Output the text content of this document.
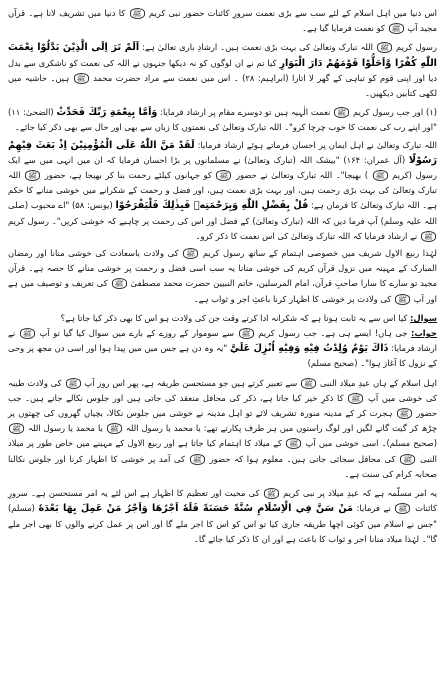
اس دنیا میں اہل اسلام کے لئے سب سے بڑی نعمت سرورِ کائنات حضور نبی کریم ﷺ کا دنیا میں تشریف لانا ہے۔ قرآن مجید آپ ﷺ کو نعمت فرمایا گیا ہے۔

رسول کریم ﷺ اللہ تبارک وتعالیٰ کی بہت بڑی نعمت ہیں۔ ارشادِ باری تعالیٰ ہے: اَلَمْ تَرَ اِلَى الَّذِيْنَ بَدَّلُوْا نِعْمَتَ اللّٰهِ كُفْرًا وَّاَحَلُّوْا قَوْمَهُمْ دَارَ الْبَوَارِ کیا تم نے ان لوگوں کو نہ دیکھا جنہوں نے اللہ کی نعمت کو ناشکری سے بدل دیا اور اپنی قوم کو تباہی کے گھر لا اتارا (ابراہیم: ۲۸) ۔ اس میں نعمت سے مراد حضرت محمد ﷺ ہیں۔ حاشیہ میں لکھی کتابیں دیکھیں۔

(۱) اور جب رسول کریم ﷺ نعمت الٰہیہ ہیں تو دوسرے مقام پر ارشاد فرمایا: وَاَمَّا بِنِعْمَةِ رَبِّكَ فَحَدِّثْ (الضحیٰ: ۱۱) "اور اپنے رب کی نعمت کا خوب چرچا کرو"۔ اللہ تبارک وتعالیٰ کی نعمتوں کا زبان سے بھی اور حال سے بھی ذکر کیا جائے۔

اللہ تبارک وتعالیٰ نے اہل ایمان پر احسان فرماتے ہوئے ارشاد فرمایا: لَقَدْ مَنَّ اللّٰهُ عَلَى الْمُؤْمِنِيْنَ اِذْ بَعَثَ فِيْهِمْ رَسُوْلًا (آل عمران: ۱۶۴) "بیشک اللہ (تبارک وتعالیٰ) نے مسلمانوں پر بڑا احسان فرمایا کہ ان میں انہی میں سے ایک رسول (کریم ﷺ ) بھیجا"۔ اللہ تبارک وتعالیٰ نے حضور ﷺ کو جہانوں کیلئے رحمت بنا کر بھیجا ہے، حضور ﷺ اللہ تبارک وتعالیٰ کی بہت بڑی رحمت ہیں، اور بہت بڑی نعمت ہیں، اور فضل و رحمت کے شکرانے میں خوشی منانے کا حکم ہے۔ اللہ تبارک وتعالیٰ کا فرمان ہے: قُلْ بِفَضْلِ اللّٰهِ وَبِرَحْمَتِهٖ فَبِذٰلِكَ فَلْيَفْرَحُوْا (یونس: ۵۸) "اے محبوب (صلی اللہ علیہ وسلم) آپ فرما دیں کہ اللہ (تبارک وتعالیٰ) کے فضل اور اس کی رحمت پر چاہیے کہ خوشی کریں"۔ رسول کریم ﷺ نے ارشاد فرمایا کہ اللہ تبارک وتعالیٰ کی اس نعمت کا ذکر کرو۔

لہٰذا ربیع الاول شریف میں خصوصی اہتمام کے ساتھ رسول کریم ﷺ کی ولادت باسعادت کی خوشی منانا اور رمضان المبارک کے مہینہ میں نزول قرآن کریم کی خوشی منانا یہ سب اسی فضل و رحمت پر خوشی منانے کا حصہ ہے۔ قرآن مجید تو سارے کا سارا صاحبِ قرآن، امام المرسلین، خاتم النبیین حضرت محمد مصطفیٰ ﷺ کی تعریف و توصیف میں ہے اور آپ ﷺ کی ولادت پر خوشی کا اظہار کرنا باعثِ اجر و ثواب ہے۔

سوال: کیا اس سے یہ ثابت ہوتا ہے کہ شکرانہ ادا کرتے وقت جن کی ولادت ہو اس کا بھی ذکر کیا جاتا ہے؟
جواب: جی ہاں! ایسے ہی ہے۔ جب رسول کریم ﷺ سے سوموار کے روزے کے بارے میں سوال کیا گیا تو آپ ﷺ نے ارشاد فرمایا: ذَاكَ يَوْمٌ وُلِدْتُ فِيْهِ وَفِيْهِ اُنْزِلَ عَلَيَّ "یہ وہ دن ہے جس میں میں پیدا ہوا اور اسی دن مجھ پر وحی کے نزول کا آغاز ہوا"۔ (صحیح مسلم)

اہل اسلام کے ہاں عیدِ میلاد النبی ﷺ سے تعبیر کرتے ہیں جو مستحسن طریقہ ہے، پھر اس روز آپ ﷺ کی ولادت طیبہ کی خوشی میں آپ ﷺ کا ذکرِ خیر کیا جاتا ہے، ذکر کی محافل منعقد کی جاتی ہیں اور جلوس نکالے جاتے ہیں۔ جب حضور ﷺ ہجرت کر کے مدینہ منورہ تشریف لائے تو اہل مدینہ نے خوشی میں جلوس نکالا، بچیاں گھروں کی چھتوں پر چڑھ کر گیت گانے لگیں اور لوگ راستوں میں ہر طرف پکارتے تھے: یا محمد یا رسول اللہ ﷺ یا محمد یا رسول اللہ ﷺ (صحیح مسلم)۔ اسی خوشی میں آپ ﷺ کے میلاد کا اہتمام کیا جاتا ہے اور ربیع الاول کے مہینے میں خاص طور پر میلاد النبی ﷺ کی محافل سجائی جاتی ہیں۔ معلوم ہوا کہ حضور ﷺ کی آمد پر خوشی کا اظہار کرنا اور جلوس نکالنا صحابہ کرام کی سنت ہے۔

یہ امر مسلّمہ ہے کہ عیدِ میلاد پر نبی کریم ﷺ کی محبت اور تعظیم کا اظہار ہے اس لئے یہ امر مستحسن ہے۔ سرورِ کائنات ﷺ نے فرمایا: مَنْ سَنَّ فِي الْاِسْلَامِ سُنَّةً حَسَنَةً فَلَهٗ اَجْرُهَا وَاَجْرُ مَنْ عَمِلَ بِهَا بَعْدَهٗ (مسلم) "جس نے اسلام میں کوئی اچھا طریقہ جاری کیا تو اس کو اس کا اجر ملے گا اور اس پر عمل کرنے والوں کا بھی اجر ملے گا"۔ لہٰذا میلاد منانا اجر و ثواب کا باعث ہے اور ان کا ذکر کیا جائے گا۔
